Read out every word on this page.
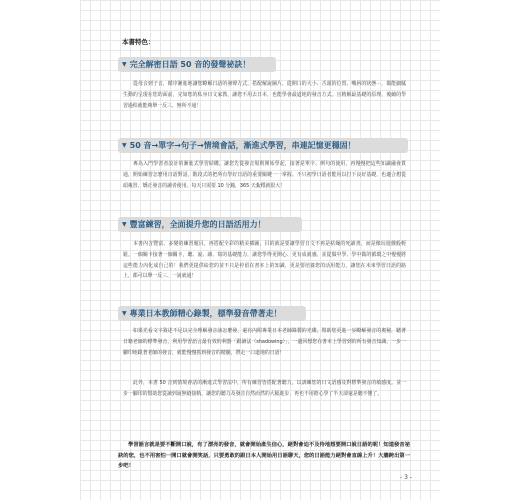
本書特色：
▼ 完全解密日語 50 音的發聲祕訣！
從母音到子音，循序漸進地讓您瞭解日語的發聲方式。搭配解說圖片，從開口的大小、舌頭的位置、嘴唇的狀態⋯，都能細膩生動的呈現在您的面前，完如您的私身日文家教，讓您不用去日本，也能學會最道地的發音方式。且精解最基礎的原理，後續的學習過程就能夠舉一反三，無所不通！
▼ 50 音→單字→句子→情境會話，漸進式學習，串連記憶更穩固！
專為入門學習者設計的漸進式學習結構，讓您先從發音規則開始學起，接著是單字、例句的使用，再慢慢把這些知識融會貫通，開始練習怎麼用日語對話，階段式的把所有學好日語的重要關鍵一一掌握。不只初學日語者能用以打下良好基礎，也適合想從頭複習、矯正發音的讀者使用。每天只需要 10 分鐘，365 天紮穩就很大！
▼ 豐富練習，全面提升您的日語活用力！
本書內含豐富、多變的練習題目，再搭配全彩的精美插圖，目的就是要讓學習日文不再是枯燥的死讀書，而是像玩遊戲般輕鬆。一個關卡接著一個關卡，聽、說、讀、寫的基礎能力，讓您學得更開心、更有成就感，並從做中學、學中做的循環之中慢慢將這些能力內化成自己的！我們更提供給您的並不只是停留在書本上的知識，更是要培養您的活用能力，讓您在未來學習日語的路上，都可以舉一反三、一說就通！
▼ 專業日本教師精心錄製，標準發音帶著走！
如果光看文字敘述不足以完全理解發音該怎麼發，還有內附專業日本老師錄製的光碟，幫助您更進一步瞭解發音的奧秘，聽著日籍老師的標準發音，利用學習語言最有效的利器「跟讀法（shadowing）」，一邊回想您在書本上學習到的所有發音知識，一步一腳印地跟著老師的發音，就能慢慢抓到發音的精髓，帶走一口道地的日語！
此外，本書 50 音到情境會話的漸進式學習法中，所有練習皆搭配著聽力，以訓練您的日文語感及對標準發音的敏感度。並一步一腳印的幫助您從讀到說無縫接軌，讓您的聽力及發音自然而然的大幅進步，再也不用擔心學了半天卻還是聽不懂了。
學習語言就是要不斷開口說，有了漂亮的發音，就會開始產生信心，絕對會迫不及待地想要開口說日語的呢！知道發音祕訣的您，也不用害怕一開口就會開笑話，只要勇敢的跟日本人開始用日語聊天，您的日語能力絕對會直線上升！大膽跨出第一步吧！
- 3 -
